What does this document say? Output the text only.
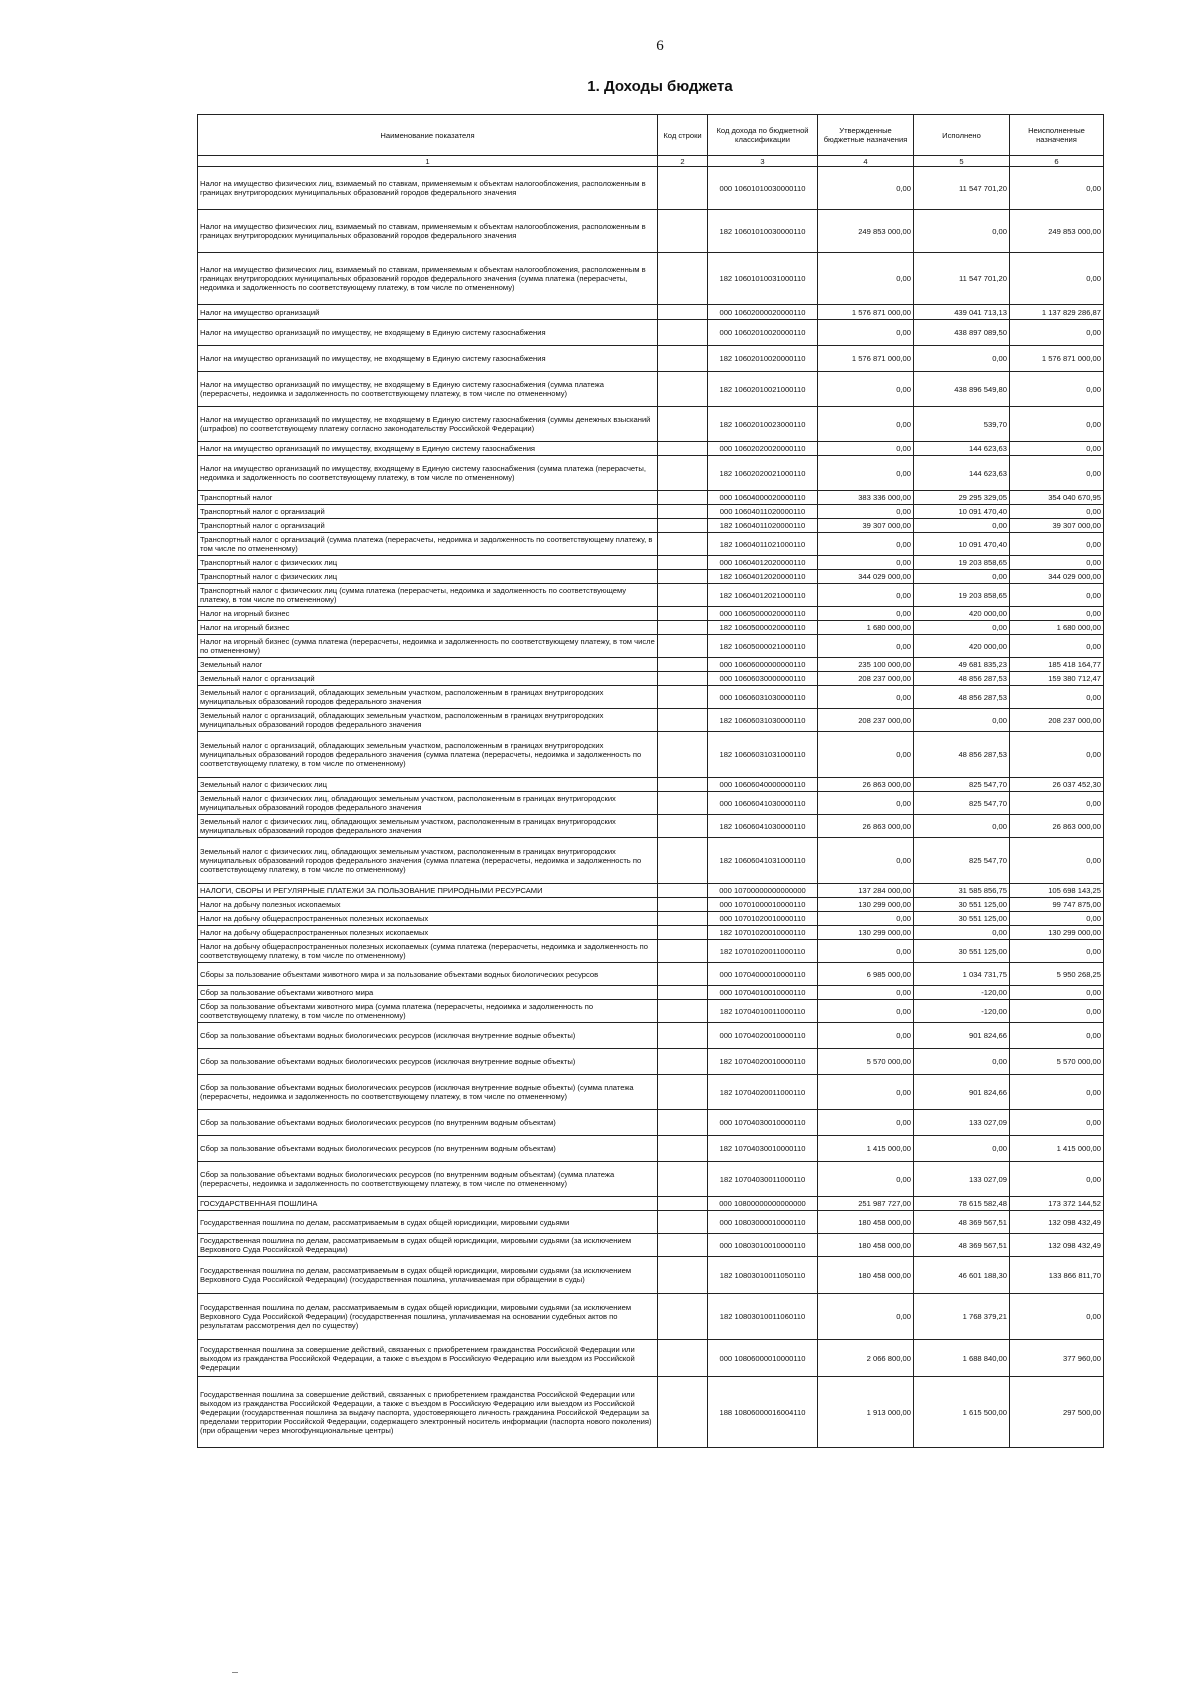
6
1. Доходы бюджета
Наименование показателя	Код строки	Код дохода по бюджетной классификации	Утвержденные бюджетные назначения	Исполнено	Неисполненные назначения
1	2	3	4	5	6
Налог на имущество физических лиц, взимаемый по ставкам, применяемым к объектам налогообложения, расположенным в границах внутригородских муниципальных образований городов федерального значения		000 10601010030000110	0,00	11 547 701,20	0,00
Налог на имущество физических лиц, взимаемый по ставкам, применяемым к объектам налогообложения, расположенным в границах внутригородских муниципальных образований городов федерального значения		182 10601010030000110	249 853 000,00	0,00	249 853 000,00
Налог на имущество физических лиц, взимаемый по ставкам, применяемым к объектам налогообложения, расположенным в границах внутригородских муниципальных образований городов федерального значения (сумма платежа (перерасчеты, недоимка и задолженность по соответствующему платежу, в том числе по отмененному)		182 10601010031000110	0,00	11 547 701,20	0,00
Налог на имущество организаций		000 10602000020000110	1 576 871 000,00	439 041 713,13	1 137 829 286,87
Налог на имущество организаций по имуществу, не входящему в Единую систему газоснабжения		000 10602010020000110	0,00	438 897 089,50	0,00
Налог на имущество организаций по имуществу, не входящему в Единую систему газоснабжения		182 10602010020000110	1 576 871 000,00	0,00	1 576 871 000,00
Налог на имущество организаций по имуществу, не входящему в Единую систему газоснабжения (сумма платежа (перерасчеты, недоимка и задолженность по соответствующему платежу, в том числе по отмененному)		182 10602010021000110	0,00	438 896 549,80	0,00
Налог на имущество организаций по имуществу, не входящему в Единую систему газоснабжения (суммы денежных взысканий (штрафов) по соответствующему платежу согласно законодательству Российской Федерации)		182 10602010023000110	0,00	539,70	0,00
Налог на имущество организаций по имуществу, входящему в Единую систему газоснабжения		000 10602020020000110	0,00	144 623,63	0,00
Налог на имущество организаций по имуществу, входящему в Единую систему газоснабжения (сумма платежа (перерасчеты, недоимка и задолженность по соответствующему платежу, в том числе по отмененному)		182 10602020021000110	0,00	144 623,63	0,00
Транспортный налог		000 10604000020000110	383 336 000,00	29 295 329,05	354 040 670,95
Транспортный налог с организаций		000 10604011020000110	0,00	10 091 470,40	0,00
Транспортный налог с организаций		182 10604011020000110	39 307 000,00	0,00	39 307 000,00
Транспортный налог с организаций (сумма платежа (перерасчеты, недоимка и задолженность по соответствующему платежу, в том числе по отмененному)		182 10604011021000110	0,00	10 091 470,40	0,00
Транспортный налог с физических лиц		000 10604012020000110	0,00	19 203 858,65	0,00
Транспортный налог с физических лиц		182 10604012020000110	344 029 000,00	0,00	344 029 000,00
Транспортный налог с физических лиц (сумма платежа (перерасчеты, недоимка и задолженность по соответствующему платежу, в том числе по отмененному)		182 10604012021000110	0,00	19 203 858,65	0,00
Налог на игорный бизнес		000 10605000020000110	0,00	420 000,00	0,00
Налог на игорный бизнес		182 10605000020000110	1 680 000,00	0,00	1 680 000,00
Налог на игорный бизнес (сумма платежа (перерасчеты, недоимка и задолженность по соответствующему платежу, в том числе по отмененному)		182 10605000021000110	0,00	420 000,00	0,00
Земельный налог		000 10606000000000110	235 100 000,00	49 681 835,23	185 418 164,77
Земельный налог с организаций		000 10606030000000110	208 237 000,00	48 856 287,53	159 380 712,47
Земельный налог с организаций, обладающих земельным участком, расположенным в границах внутригородских муниципальных образований городов федерального значения		000 10606031030000110	0,00	48 856 287,53	0,00
Земельный налог с организаций, обладающих земельным участком, расположенным в границах внутригородских муниципальных образований городов федерального значения		182 10606031030000110	208 237 000,00	0,00	208 237 000,00
Земельный налог с организаций, обладающих земельным участком, расположенным в границах внутригородских муниципальных образований городов федерального значения (сумма платежа (перерасчеты, недоимка и задолженность по соответствующему платежу, в том числе по отмененному)		182 10606031031000110	0,00	48 856 287,53	0,00
Земельный налог с физических лиц		000 10606040000000110	26 863 000,00	825 547,70	26 037 452,30
Земельный налог с физических лиц, обладающих земельным участком, расположенным в границах внутригородских муниципальных образований городов федерального значения		000 10606041030000110	0,00	825 547,70	0,00
Земельный налог с физических лиц, обладающих земельным участком, расположенным в границах внутригородских муниципальных образований городов федерального значения		182 10606041030000110	26 863 000,00	0,00	26 863 000,00
Земельный налог с физических лиц, обладающих земельным участком, расположенным в границах внутригородских муниципальных образований городов федерального значения (сумма платежа (перерасчеты, недоимка и задолженность по соответствующему платежу, в том числе по отмененному)		182 10606041031000110	0,00	825 547,70	0,00
НАЛОГИ, СБОРЫ И РЕГУЛЯРНЫЕ ПЛАТЕЖИ ЗА ПОЛЬЗОВАНИЕ ПРИРОДНЫМИ РЕСУРСАМИ		000 10700000000000000	137 284 000,00	31 585 856,75	105 698 143,25
Налог на добычу полезных ископаемых		000 10701000010000110	130 299 000,00	30 551 125,00	99 747 875,00
Налог на добычу общераспространенных полезных ископаемых		000 10701020010000110	0,00	30 551 125,00	0,00
Налог на добычу общераспространенных полезных ископаемых		182 10701020010000110	130 299 000,00	0,00	130 299 000,00
Налог на добычу общераспространенных полезных ископаемых (сумма платежа (перерасчеты, недоимка и задолженность по соответствующему платежу, в том числе по отмененному)		182 10701020011000110	0,00	30 551 125,00	0,00
Сборы за пользование объектами животного мира и за пользование объектами водных биологических ресурсов		000 10704000010000110	6 985 000,00	1 034 731,75	5 950 268,25
Сбор за пользование объектами животного мира		000 10704010010000110	0,00	-120,00	0,00
Сбор за пользование объектами животного мира (сумма платежа (перерасчеты, недоимка и задолженность по соответствующему платежу, в том числе по отмененному)		182 10704010011000110	0,00	-120,00	0,00
Сбор за пользование объектами водных биологических ресурсов (исключая внутренние водные объекты)		000 10704020010000110	0,00	901 824,66	0,00
Сбор за пользование объектами водных биологических ресурсов (исключая внутренние водные объекты)		182 10704020010000110	5 570 000,00	0,00	5 570 000,00
Сбор за пользование объектами водных биологических ресурсов (исключая внутренние водные объекты) (сумма платежа (перерасчеты, недоимка и задолженность по соответствующему платежу, в том числе по отмененному)		182 10704020011000110	0,00	901 824,66	0,00
Сбор за пользование объектами водных биологических ресурсов (по внутренним водным объектам)		000 10704030010000110	0,00	133 027,09	0,00
Сбор за пользование объектами водных биологических ресурсов (по внутренним водным объектам)		182 10704030010000110	1 415 000,00	0,00	1 415 000,00
Сбор за пользование объектами водных биологических ресурсов (по внутренним водным объектам) (сумма платежа (перерасчеты, недоимка и задолженность по соответствующему платежу, в том числе по отмененному)		182 10704030011000110	0,00	133 027,09	0,00
ГОСУДАРСТВЕННАЯ ПОШЛИНА		000 10800000000000000	251 987 727,00	78 615 582,48	173 372 144,52
Государственная пошлина по делам, рассматриваемым в судах общей юрисдикции, мировыми судьями		000 10803000010000110	180 458 000,00	48 369 567,51	132 098 432,49
Государственная пошлина по делам, рассматриваемым в судах общей юрисдикции, мировыми судьями (за исключением Верховного Суда Российской Федерации)		000 10803010010000110	180 458 000,00	48 369 567,51	132 098 432,49
Государственная пошлина по делам, рассматриваемым в судах общей юрисдикции, мировыми судьями (за исключением Верховного Суда Российской Федерации) (государственная пошлина, уплачиваемая при обращении в суды)		182 10803010011050110	180 458 000,00	46 601 188,30	133 866 811,70
Государственная пошлина по делам, рассматриваемым в судах общей юрисдикции, мировыми судьями (за исключением Верховного Суда Российской Федерации) (государственная пошлина, уплачиваемая на основании судебных актов по результатам рассмотрения дел по существу)		182 10803010011060110	0,00	1 768 379,21	0,00
Государственная пошлина за совершение действий, связанных с приобретением гражданства Российской Федерации или выходом из гражданства Российской Федерации, а также с въездом в Российскую Федерацию или выездом из Российской Федерации		000 10806000010000110	2 066 800,00	1 688 840,00	377 960,00
Государственная пошлина за совершение действий, связанных с приобретением гражданства Российской Федерации или выходом из гражданства Российской Федерации, а также с въездом в Российскую Федерацию или выездом из Российской Федерации (государственная пошлина за выдачу паспорта, удостоверяющего личность гражданина Российской Федерации за пределами территории Российской Федерации, содержащего электронный носитель информации (паспорта нового поколения) (при обращении через многофункциональные центры)		188 10806000016004110	1 913 000,00	1 615 500,00	297 500,00
